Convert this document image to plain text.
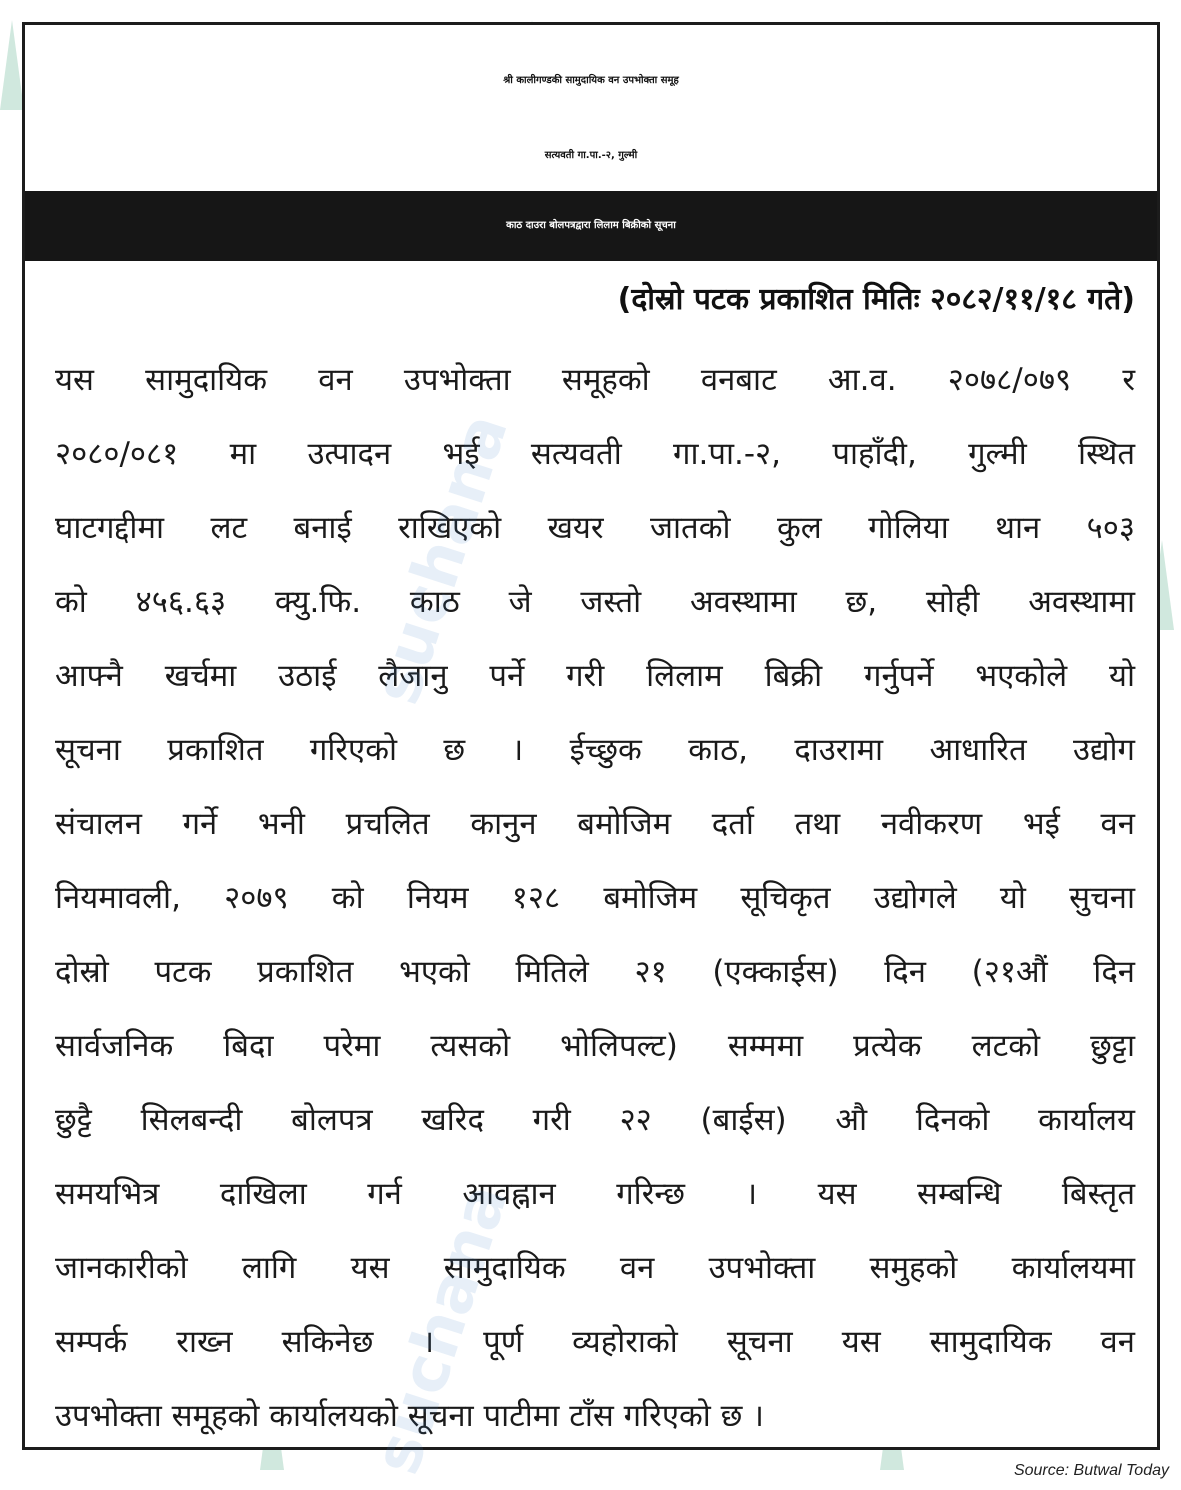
श्री कालीगण्डकी सामुदायिक वन उपभोक्ता समूह
सत्यवती गा.पा.-२, गुल्मी
काठ दाउरा बोलपत्रद्वारा लिलाम बिक्रीको सूचना
(दोस्रो पटक प्रकाशित मितिः २०८२/११/१८ गते)
यस सामुदायिक वन उपभोक्ता समूहको वनबाट आ.व. २०७८/०७९ र
२०८०/०८१ मा उत्पादन भई सत्यवती गा.पा.-२, पाहाँदी, गुल्मी स्थित
घाटगद्दीमा लट बनाई राखिएको खयर जातको कुल गोलिया थान ५०३
को ४५६.६३ क्यु.फि. काठ जे जस्तो अवस्थामा छ, सोही अवस्थामा
आफ्नै खर्चमा उठाई लैजानु पर्ने गरी लिलाम बिक्री गर्नुपर्ने भएकोले यो
सूचना प्रकाशित गरिएको छ । ईच्छुक काठ, दाउरामा आधारित उद्योग
संचालन गर्ने भनी प्रचलित कानुन बमोजिम दर्ता तथा नवीकरण भई वन
नियमावली, २०७९ को नियम १२८ बमोजिम सूचिकृत उद्योगले यो सुचना
दोस्रो पटक प्रकाशित भएको मितिले २१ (एक्काईस) दिन (२१औं दिन
सार्वजनिक बिदा परेमा त्यसको भोलिपल्ट) सम्ममा प्रत्येक लटको छुट्टा
छुट्टै सिलबन्दी बोलपत्र खरिद गरी २२ (बाईस) औ दिनको कार्यालय
समयभित्र दाखिला गर्न आवह्नान गरिन्छ । यस सम्बन्धि बिस्तृत
जानकारीको लागि यस सामुदायिक वन उपभोक्ता समुहको कार्यालयमा
सम्पर्क राख्न सकिनेछ । पूर्ण व्यहोराको सूचना यस सामुदायिक वन
उपभोक्ता समूहको कार्यालयको सूचना पाटीमा टाँस गरिएको छ ।
suchana
suchana	Source: Butwal Today
